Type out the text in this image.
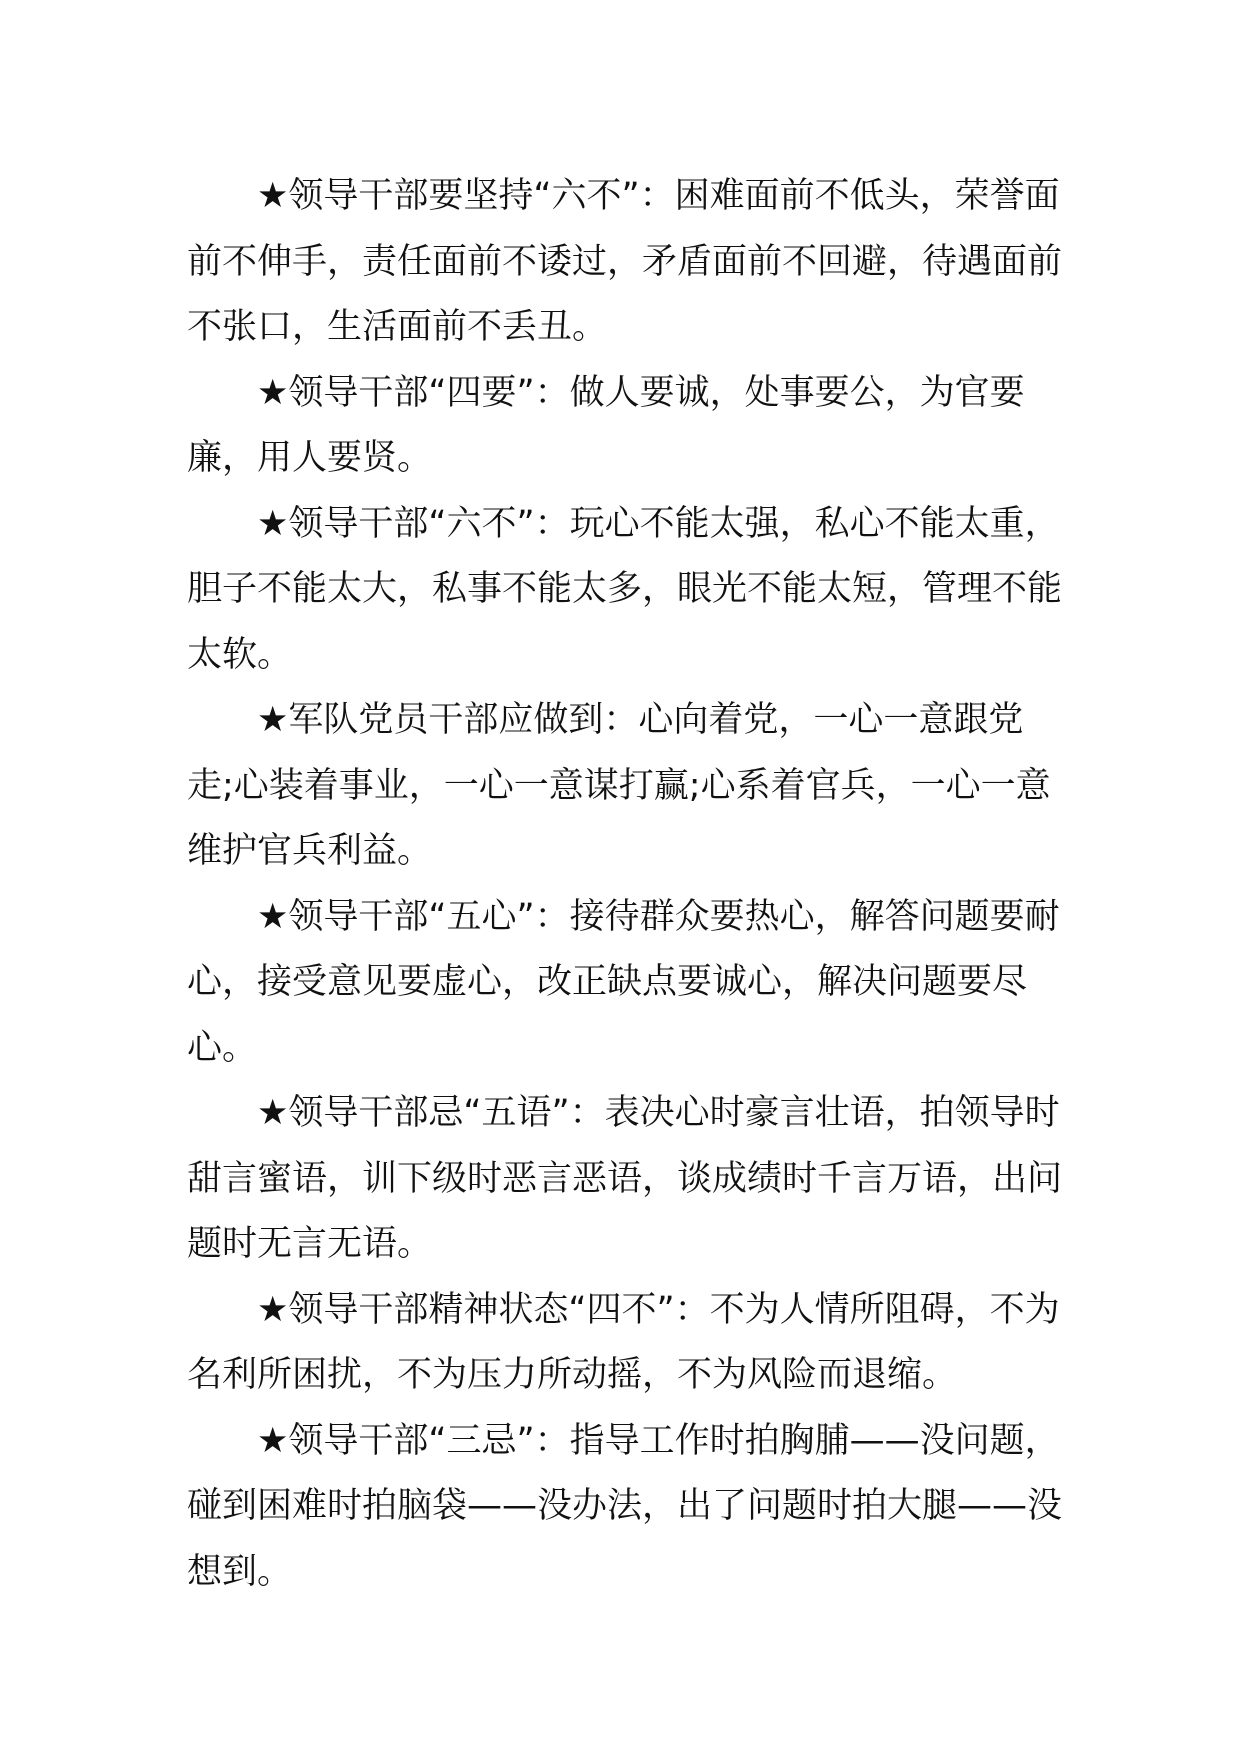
★领导干部要坚持“六不”：困难面前不低头，荣誉面前不伸手，责任面前不诿过，矛盾面前不回避，待遇面前不张口，生活面前不丢丑。

★领导干部“四要”：做人要诚，处事要公，为官要廉，用人要贤。

★领导干部“六不”：玩心不能太强，私心不能太重，胆子不能太大，私事不能太多，眼光不能太短，管理不能太软。

★军队党员干部应做到：心向着党，一心一意跟党走;心装着事业，一心一意谋打赢;心系着官兵，一心一意维护官兵利益。

★领导干部“五心”：接待群众要热心，解答问题要耐心，接受意见要虚心，改正缺点要诚心，解决问题要尽心。

★领导干部忌“五语”：表决心时豪言壮语，拍领导时甜言蜜语，训下级时恶言恶语，谈成绩时千言万语，出问题时无言无语。

★领导干部精神状态“四不”：不为人情所阻碍，不为名利所困扰，不为压力所动摇，不为风险而退缩。

★领导干部“三忌”：指导工作时拍胸脯——没问题，碰到困难时拍脑袋——没办法，出了问题时拍大腿——没想到。
